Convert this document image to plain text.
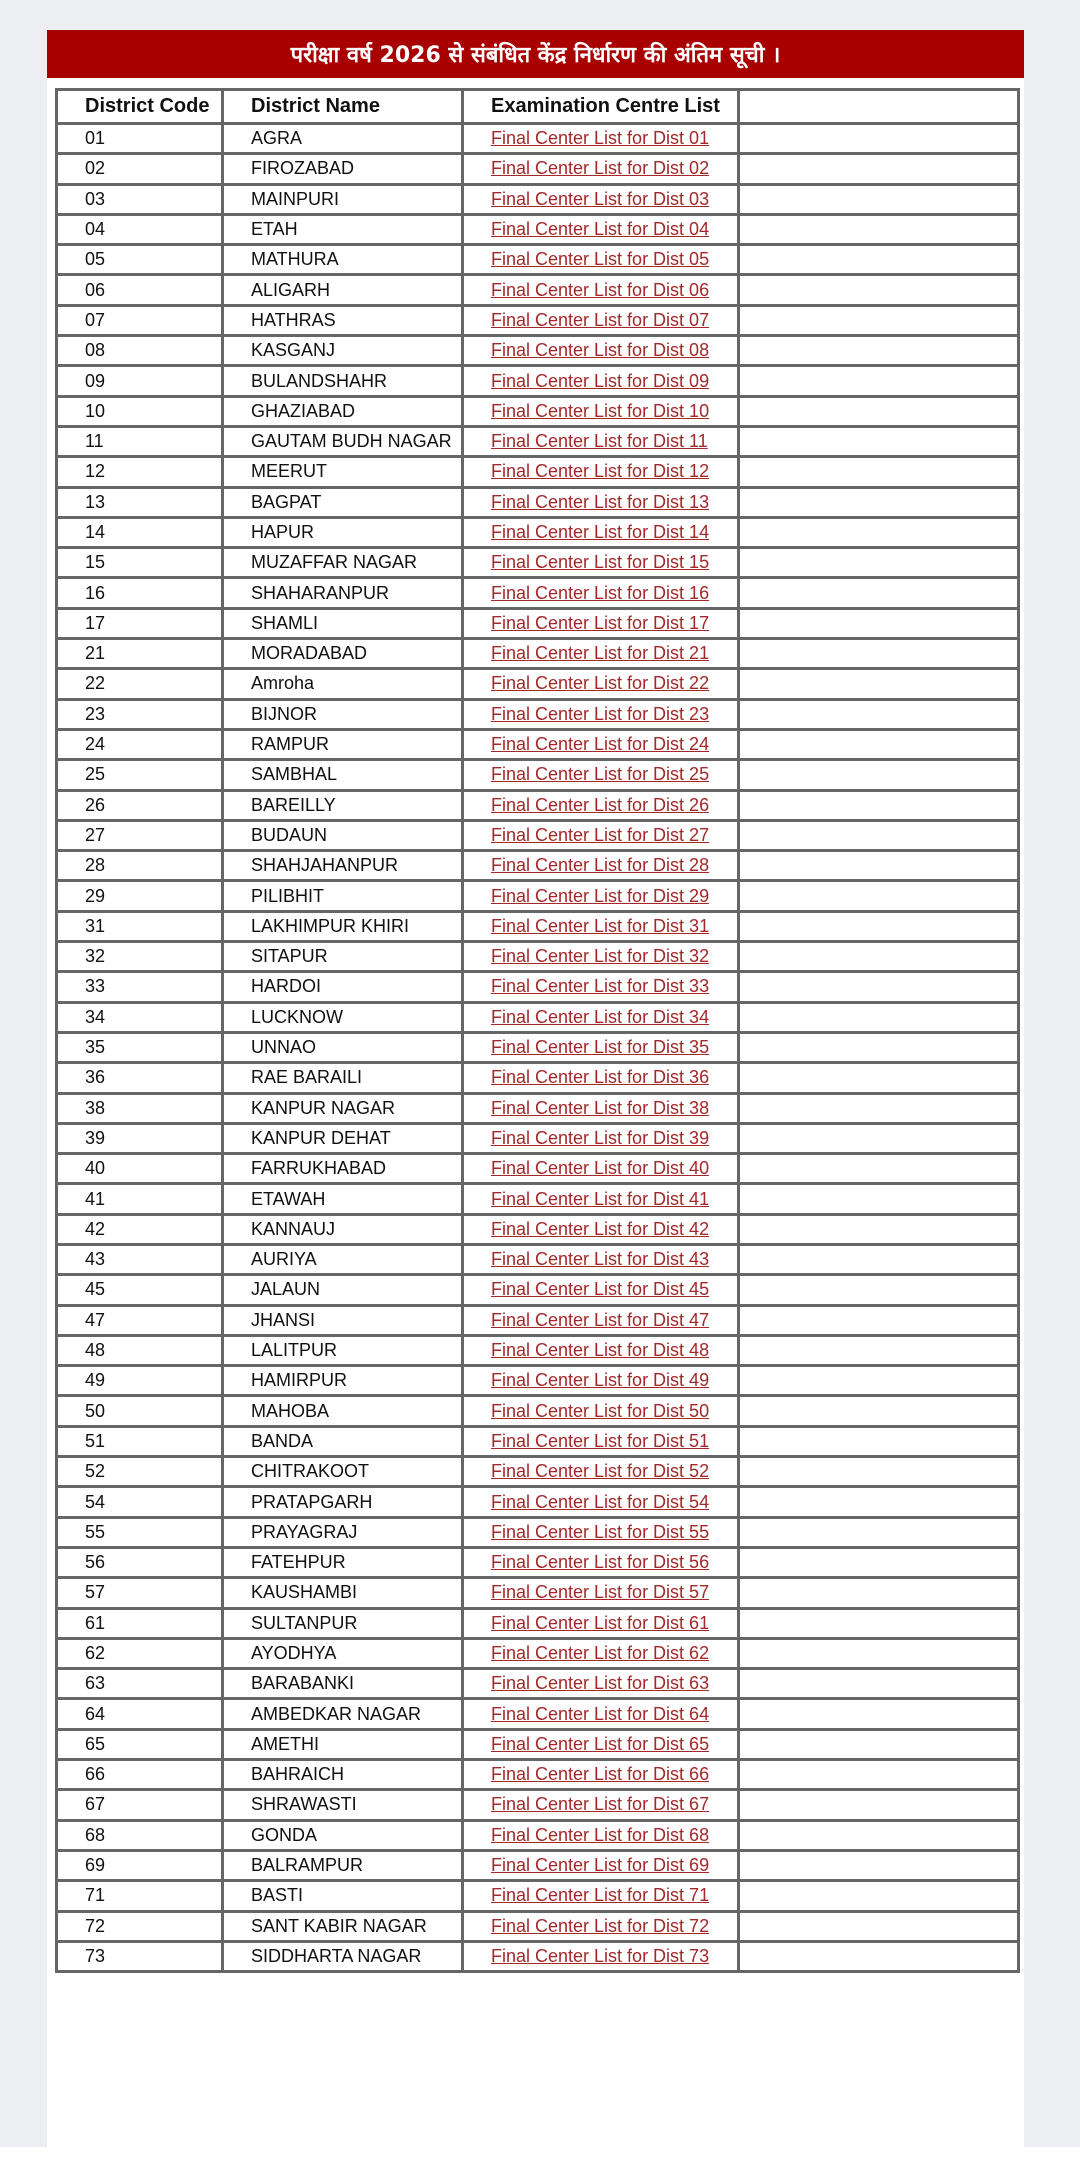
परीक्षा वर्ष 2026 से संबंधित केंद्र निर्धारण की अंतिम सूची ।
District Code	District Name	Examination Centre List	
01	AGRA	Final Center List for Dist 01	
02	FIROZABAD	Final Center List for Dist 02	
03	MAINPURI	Final Center List for Dist 03	
04	ETAH	Final Center List for Dist 04	
05	MATHURA	Final Center List for Dist 05	
06	ALIGARH	Final Center List for Dist 06	
07	HATHRAS	Final Center List for Dist 07	
08	KASGANJ	Final Center List for Dist 08	
09	BULANDSHAHR	Final Center List for Dist 09	
10	GHAZIABAD	Final Center List for Dist 10	
11	GAUTAM BUDH NAGAR	Final Center List for Dist 11	
12	MEERUT	Final Center List for Dist 12	
13	BAGPAT	Final Center List for Dist 13	
14	HAPUR	Final Center List for Dist 14	
15	MUZAFFAR NAGAR	Final Center List for Dist 15	
16	SHAHARANPUR	Final Center List for Dist 16	
17	SHAMLI	Final Center List for Dist 17	
21	MORADABAD	Final Center List for Dist 21	
22	Amroha	Final Center List for Dist 22	
23	BIJNOR	Final Center List for Dist 23	
24	RAMPUR	Final Center List for Dist 24	
25	SAMBHAL	Final Center List for Dist 25	
26	BAREILLY	Final Center List for Dist 26	
27	BUDAUN	Final Center List for Dist 27	
28	SHAHJAHANPUR	Final Center List for Dist 28	
29	PILIBHIT	Final Center List for Dist 29	
31	LAKHIMPUR KHIRI	Final Center List for Dist 31	
32	SITAPUR	Final Center List for Dist 32	
33	HARDOI	Final Center List for Dist 33	
34	LUCKNOW	Final Center List for Dist 34	
35	UNNAO	Final Center List for Dist 35	
36	RAE BARAILI	Final Center List for Dist 36	
38	KANPUR NAGAR	Final Center List for Dist 38	
39	KANPUR DEHAT	Final Center List for Dist 39	
40	FARRUKHABAD	Final Center List for Dist 40	
41	ETAWAH	Final Center List for Dist 41	
42	KANNAUJ	Final Center List for Dist 42	
43	AURIYA	Final Center List for Dist 43	
45	JALAUN	Final Center List for Dist 45	
47	JHANSI	Final Center List for Dist 47	
48	LALITPUR	Final Center List for Dist 48	
49	HAMIRPUR	Final Center List for Dist 49	
50	MAHOBA	Final Center List for Dist 50	
51	BANDA	Final Center List for Dist 51	
52	CHITRAKOOT	Final Center List for Dist 52	
54	PRATAPGARH	Final Center List for Dist 54	
55	PRAYAGRAJ	Final Center List for Dist 55	
56	FATEHPUR	Final Center List for Dist 56	
57	KAUSHAMBI	Final Center List for Dist 57	
61	SULTANPUR	Final Center List for Dist 61	
62	AYODHYA	Final Center List for Dist 62	
63	BARABANKI	Final Center List for Dist 63	
64	AMBEDKAR NAGAR	Final Center List for Dist 64	
65	AMETHI	Final Center List for Dist 65	
66	BAHRAICH	Final Center List for Dist 66	
67	SHRAWASTI	Final Center List for Dist 67	
68	GONDA	Final Center List for Dist 68	
69	BALRAMPUR	Final Center List for Dist 69	
71	BASTI	Final Center List for Dist 71	
72	SANT KABIR NAGAR	Final Center List for Dist 72	
73	SIDDHARTA NAGAR	Final Center List for Dist 73	
